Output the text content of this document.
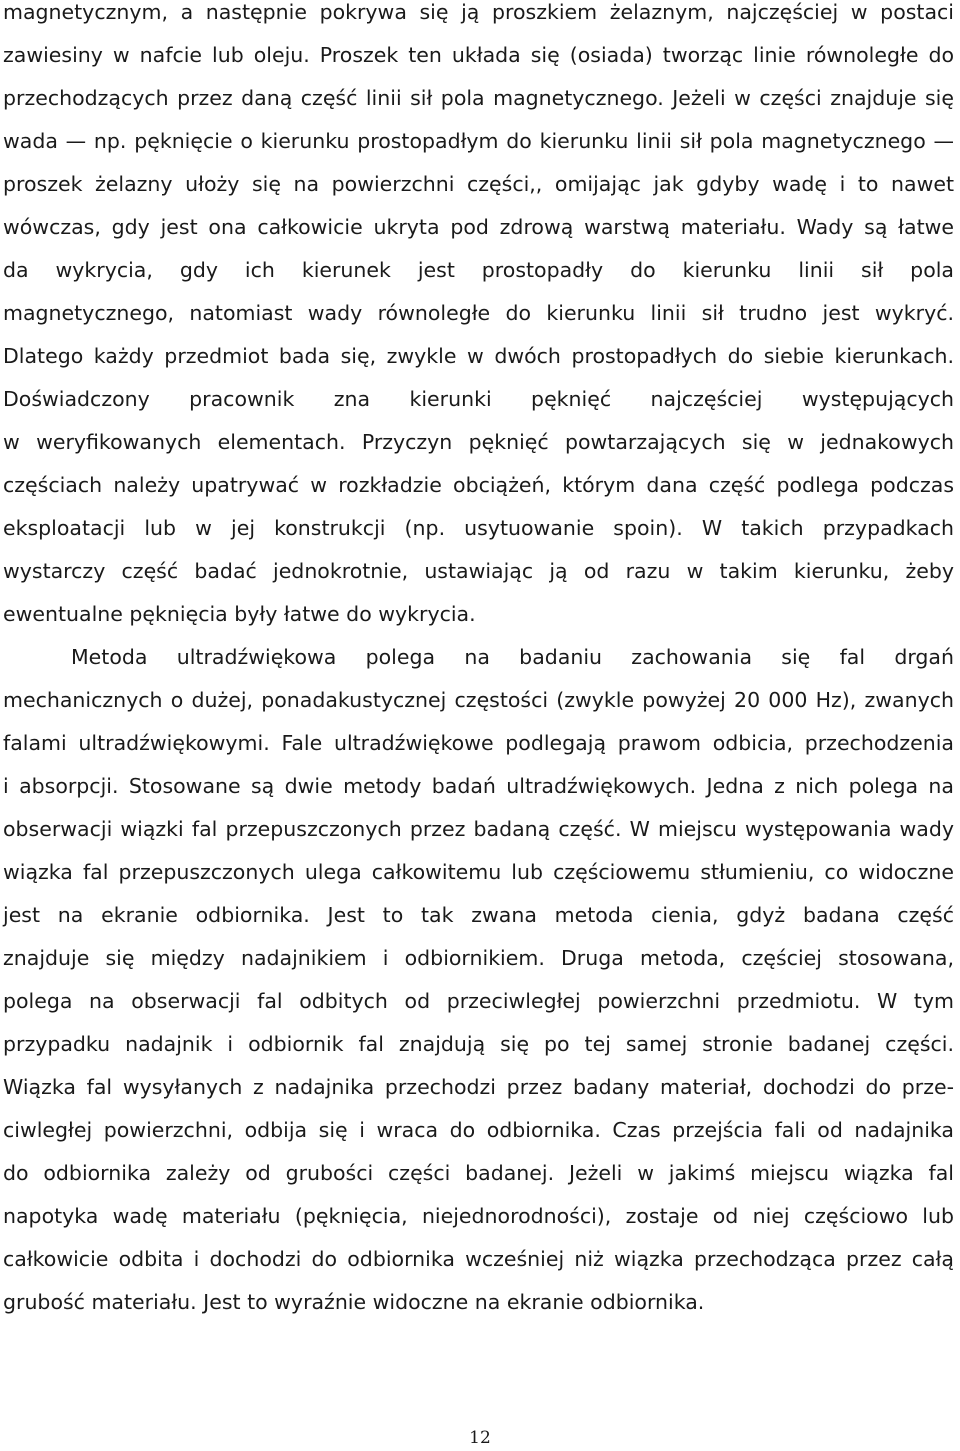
magnetycznym, a następnie pokrywa się ją proszkiem żelaznym, najczęściej w postaci
zawiesiny w nafcie lub oleju. Proszek ten układa się (osiada) tworząc linie równoległe do
przechodzących przez daną część linii sił pola magnetycznego. Jeżeli w części znajduje się
wada — np. pęknięcie o kierunku prostopadłym do kierunku linii sił pola magnetycznego —
proszek żelazny ułoży się na powierzchni części,, omijając jak gdyby wadę i to nawet
wówczas, gdy jest ona całkowicie ukryta pod zdrową warstwą materiału. Wady są łatwe
da wykrycia, gdy ich kierunek jest prostopadły do kierunku linii sił pola
magnetycznego, natomiast wady równoległe do kierunku linii sił trudno jest wykryć.
Dlatego każdy przedmiot bada się, zwykle w dwóch prostopadłych do siebie kierunkach.
Doświadczony pracownik zna kierunki pęknięć najczęściej występujących
w weryfikowanych elementach. Przyczyn pęknięć powtarzających się w jednakowych
częściach należy upatrywać w rozkładzie obciążeń, którym dana część podlega podczas
eksploatacji lub w jej konstrukcji (np. usytuowanie spoin). W takich przypadkach
wystarczy część badać jednokrotnie, ustawiając ją od razu w takim kierunku, żeby
ewentualne pęknięcia były łatwe do wykrycia.
Metoda ultradźwiękowa polega na badaniu zachowania się fal drgań
mechanicznych o dużej, ponadakustycznej częstości (zwykle powyżej 20 000 Hz), zwanych
falami ultradźwiękowymi. Fale ultradźwiękowe podlegają prawom odbicia, przechodzenia
i absorpcji. Stosowane są dwie metody badań ultradźwiękowych. Jedna z nich polega na
obserwacji wiązki fal przepuszczonych przez badaną część. W miejscu występowania wady
wiązka fal przepuszczonych ulega całkowitemu lub częściowemu stłumieniu, co widoczne
jest na ekranie odbiornika. Jest to tak zwana metoda cienia, gdyż badana część
znajduje się między nadajnikiem i odbiornikiem. Druga metoda, częściej stosowana,
polega na obserwacji fal odbitych od przeciwległej powierzchni przedmiotu. W tym
przypadku nadajnik i odbiornik fal znajdują się po tej samej stronie badanej części.
Wiązka fal wysyłanych z nadajnika przechodzi przez badany materiał, dochodzi do prze-
ciwległej powierzchni, odbija się i wraca do odbiornika. Czas przejścia fali od nadajnika
do odbiornika zależy od grubości części badanej. Jeżeli w jakimś miejscu wiązka fal
napotyka wadę materiału (pęknięcia, niejednorodności), zostaje od niej częściowo lub
całkowicie odbita i dochodzi do odbiornika wcześniej niż wiązka przechodząca przez całą
grubość materiału. Jest to wyraźnie widoczne na ekranie odbiornika.
12
